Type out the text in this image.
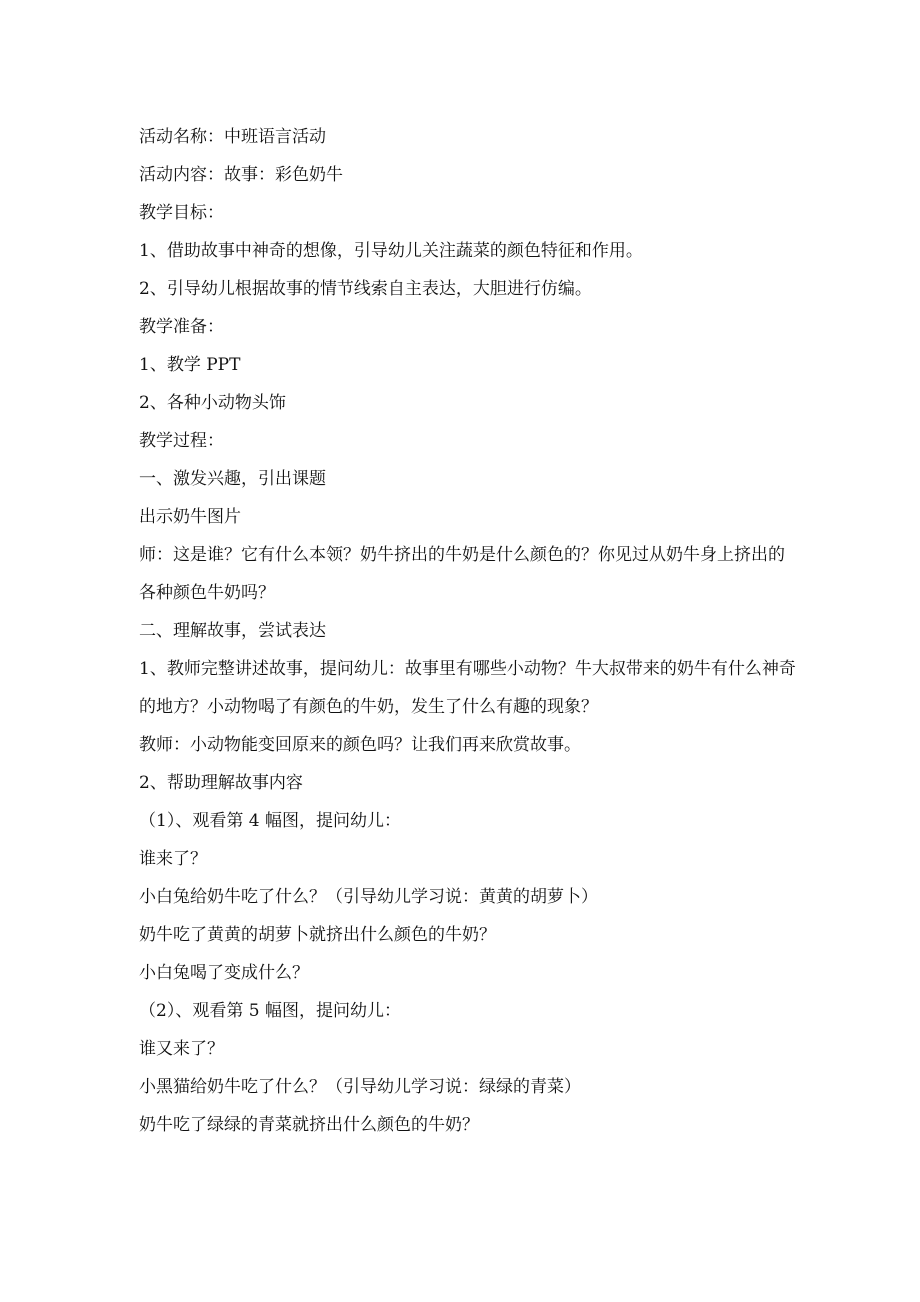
活动名称：中班语言活动

活动内容：故事：彩色奶牛

教学目标：

1、借助故事中神奇的想像，引导幼儿关注蔬菜的颜色特征和作用。

2、引导幼儿根据故事的情节线索自主表达，大胆进行仿编。

教学准备：

1、教学 PPT

2、各种小动物头饰

教学过程：

一、激发兴趣，引出课题

出示奶牛图片

师：这是谁？它有什么本领？奶牛挤出的牛奶是什么颜色的？你见过从奶牛身上挤出的各种颜色牛奶吗？

二、理解故事，尝试表达

1、教师完整讲述故事，提问幼儿：故事里有哪些小动物？牛大叔带来的奶牛有什么神奇的地方？小动物喝了有颜色的牛奶，发生了什么有趣的现象？

教师：小动物能变回原来的颜色吗？让我们再来欣赏故事。

2、帮助理解故事内容

（1）、观看第 4 幅图，提问幼儿：

谁来了？

小白兔给奶牛吃了什么？（引导幼儿学习说：黄黄的胡萝卜）

奶牛吃了黄黄的胡萝卜就挤出什么颜色的牛奶？

小白兔喝了变成什么？

（2）、观看第 5 幅图，提问幼儿：

谁又来了？

小黑猫给奶牛吃了什么？（引导幼儿学习说：绿绿的青菜）

奶牛吃了绿绿的青菜就挤出什么颜色的牛奶？
